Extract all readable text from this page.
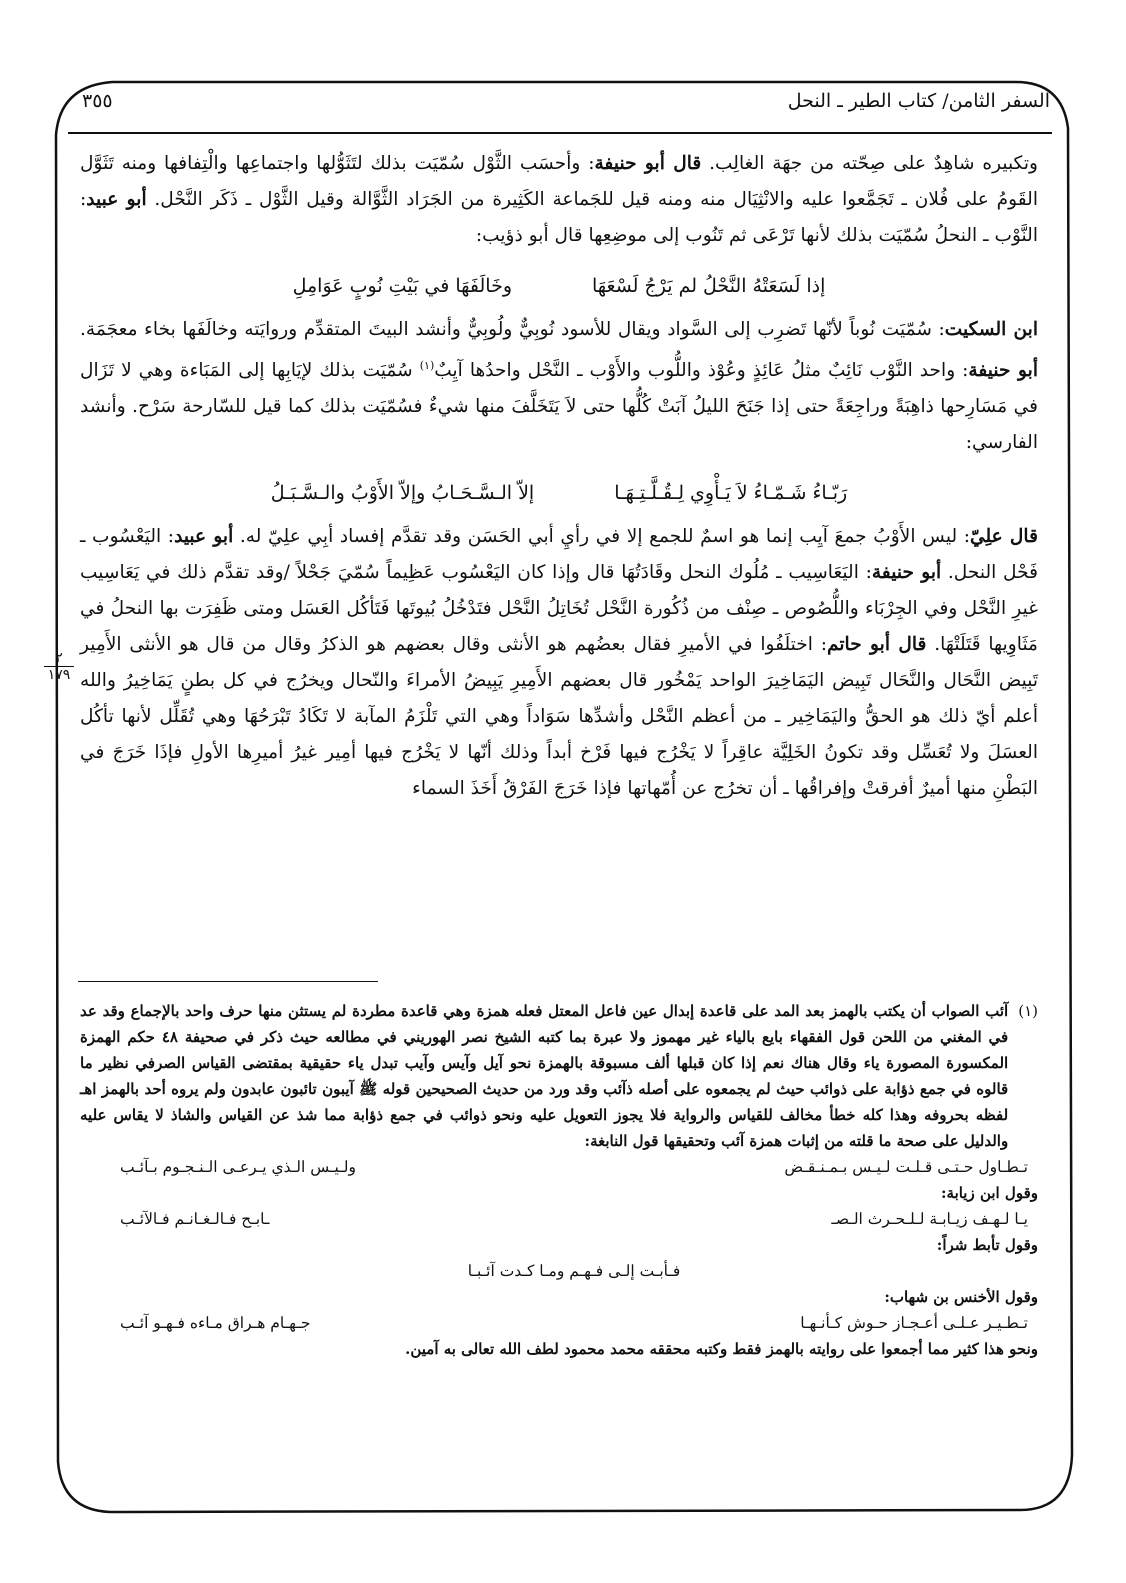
السفر الثامن/ كتاب الطير ـ النحل
٣٥٥

وتكبيره شاهِدٌ على صِحّته من جهَة الغالِب. قال أبو حنيفة: وأحسَب الثَّوْل سُمّيَت بذلك لتَثَوُّلها واجتماعِها والْتِفافها ومنه تَثَوَّل القَومُ على فُلان ـ تَجَمَّعوا عليه والانْثِيَال منه ومنه قيل للجَماعة الكَثِيرة من الجَرَاد الثَّوَّالة وقيل الثَّوْل ـ ذَكَر النَّحْل. أبو عبيد: النَّوْب ـ النحلُ سُمّيَت بذلك لأنها تَرْعَى ثم تَنُوب إلى موضِعِها قال أبو ذؤيب:

إذا لَسَعَتْهُ النَّحْلُ لم يَرْجُ لَسْعَهَا
وخَالَفَهَا في بَيْتِ نُوبٍ عَوَامِلِ

ابن السكيت: سُمّيَت نُوباً لأنّها تَضرِب إلى السَّواد ويقال للأسود نُوبِيٌّ ولُوبِيٌّ وأنشد البيتَ المتقدِّم وروايَته وخالَفَها بخاء معجَمَة. أبو حنيفة: واحد النَّوْب نَائِبٌ مثلُ عَائِذٍ وعُوْذ واللُّوب والأَوْب ـ النَّحْل واحدُها آيِبٌ$^{(١)}$ سُمّيَت بذلك لإيَابِها إلى المَبَاءة وهي لا تَزَال في مَسَارِحها ذاهِبَةً وراجِعَةً حتى إذا جَنَحَ الليلُ آبَتْ كُلُّها حتى لاَ يَتَخَلَّفَ منها شيءٌ فسُمّيَت بذلك كما قيل للسّارحة سَرْح. وأنشد الفارسي:

رَبّـاءُ شَـمّـاءُ لاَ يَـأْوِي لِـقُـلَّـتِـهَـا
إلاّ الـسَّـحَـابُ وإلاّ الأَوْبُ والـسَّـبَـلُ

قال علِيّ: ليس الأَوْبُ جمعَ آيِب إنما هو اسمٌ للجمع إلا في رأيِ أبي الحَسَن وقد تقدَّم إفساد أبِي علِيّ له. أبو عبيد: اليَعْسُوب ـ فَحْل النحل. أبو حنيفة: اليَعَاسِيب ـ مُلُوك النحل وقَادَتُهَا قال وإذا كان اليَعْسُوب عَظِيماً سُمّيَ جَحْلاً /وقد تقدَّم ذلك في يَعَاسِيب غيرِ النَّحْل وفي الجِرْبَاء واللُّصُوص ـ صِنْف من ذُكُورة النَّحْل تُخَاتِلُ النَّحْل فتَدْخُلُ بُيوتَها فَتَأكُل العَسَل ومتى ظَفِرَت بها النحلُ في مَثَاوِيها قَتَلَتْهَا. قال أبو حاتم: اختلَفُوا في الأميرِ فقال بعضُهم هو الأنثى وقال بعضهم هو الذكرُ وقال من قال هو الأنثى الأَمِير تَبِيض النَّحَال والنَّحَال تَبِيض اليَمَاخِيرَ الواحد يَمْخُور قال بعضهم الأَمِيرِ يَبِيضُ الأمراءَ والنّحال ويخرُج في كل بطنٍ يَمَاخِيرُ والله أعلم أيّ ذلك هو الحقُّ واليَمَاخِير ـ من أعظم النَّحْل وأشدِّها سَوَاداً وهي التي تَلْزَمُ المآبة لا تَكَادُ تَبْرَحُهَا وهي تُقَلِّل لأنها تأكُل العسَلَ ولا تُعَسِّل وقد تكونُ الخَلِيَّة عاقِراً لا يَخْرُج فيها فَرْخ أبداً وذلك أنّها لا يَخْرُج فيها أمِير غيرُ أميرِها الأولِ فإذَا خَرَجَ في البَطْنِ منها أميرٌ أفرقتْ وإفراقُها ـ أن تخرُج عن أُمّهاتها فإذا خَرَجَ الفَرْقُ أَخَذَ السماء

٢
١٧٩
(١)
آئب الصواب أن يكتب بالهمز بعد المد على قاعدة إبدال عين فاعل المعتل فعله همزة وهي قاعدة مطردة لم يستثن منها حرف واحد بالإجماع وقد عد في المغني من اللحن قول الفقهاء بايع بالياء غير مهموز ولا عبرة بما كتبه الشيخ نصر الهوريني في مطالعه حيث ذكر في صحيفة ٤٨ حكم الهمزة المكسورة المصورة ياء وقال هناك نعم إذا كان قبلها ألف مسبوقة بالهمزة نحو آيل وآيس وآيب تبدل ياء حقيقية بمقتضى القياس الصرفي نظير ما قالوه في جمع ذؤابة على ذوائب حيث لم يجمعوه على أصله ذآئب وقد ورد من حديث الصحيحين قوله ﷺ آيبون تائبون عابدون ولم يروه أحد بالهمز اهـ لفظه بحروفه وهذا كله خطأ مخالف للقياس والرواية فلا يجوز التعويل عليه ونحو ذوائب في جمع ذؤابة مما شذ عن القياس والشاذ لا يقاس عليه والدليل على صحة ما قلته من إثبات همزة آئب وتحقيقها قول النابغة:
تـطـاول حـتـى قـلـت لـيـس بـمـنـقـض
ولـيـس الـذي يـرعـى الـنـجـوم بـآئـب
وقول ابن زيابة:
يـا لـهـف زيـابـة لـلـحـرث الـصـ
ـابـح فـالـغـانـم فـالآئـب
وقول تأبط شراً:
فـأبـت إلـى فـهـم ومـا كـدت آئـبـا
وقول الأخنس بن شهاب:
تـطـيـر عـلـى أعـجـاز حـوش كـأنـهـا
جـهـام هـراق مـاءه فـهـو آئـب
ونحو هذا كثير مما أجمعوا على روايته بالهمز فقط وكتبه محققه محمد محمود لطف الله تعالى به آمين.
